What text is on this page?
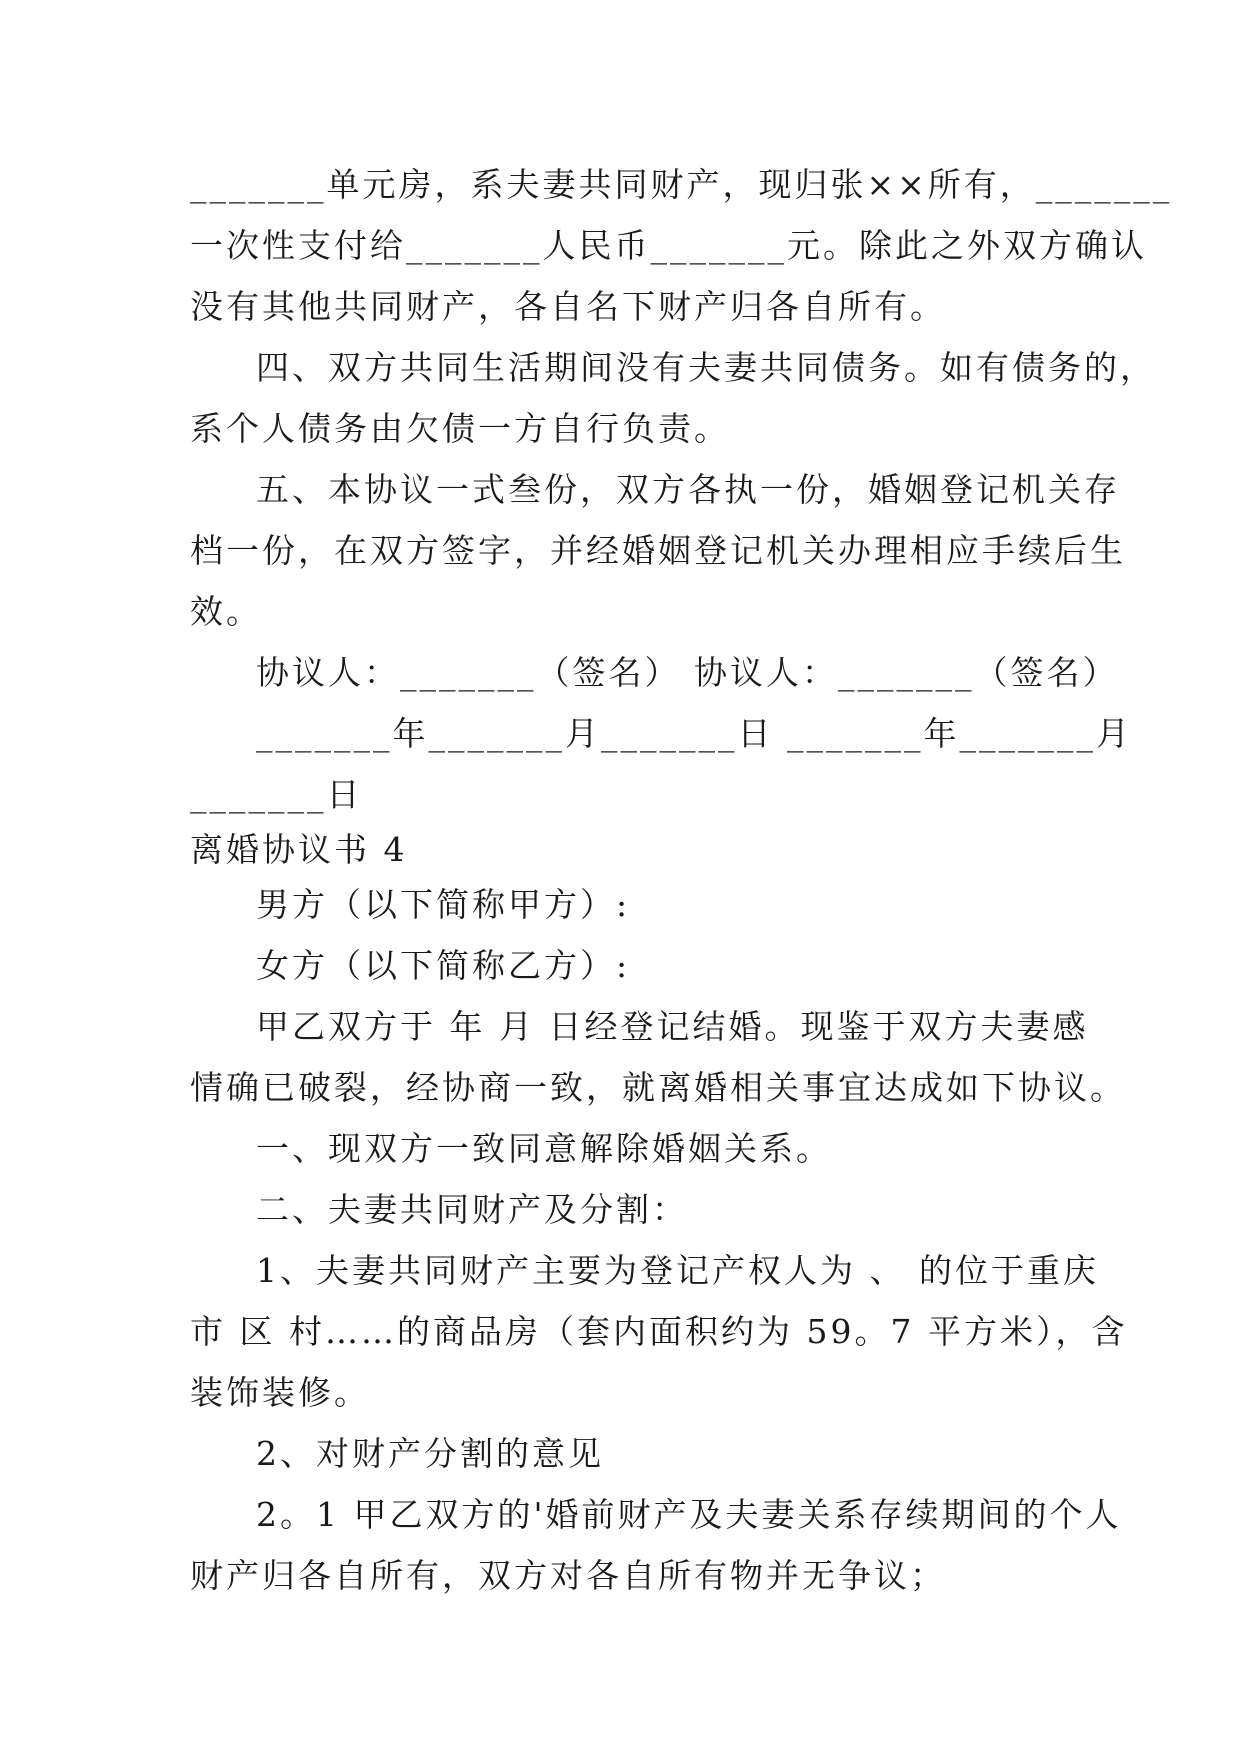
_______单元房，系夫妻共同财产，现归张××所有，_______
一次性支付给_______人民币_______元。除此之外双方确认
没有其他共同财产，各自名下财产归各自所有。
四、双方共同生活期间没有夫妻共同债务。如有债务的，
系个人债务由欠债一方自行负责。
五、本协议一式叁份，双方各执一份，婚姻登记机关存
档一份，在双方签字，并经婚姻登记机关办理相应手续后生
效。
协议人：_______（签名） 协议人：_______（签名）
_______年_______月_______日 _______年_______月
_______日
离婚协议书 4
男方（以下简称甲方）:
女方（以下简称乙方）:
甲乙双方于 年 月 日经登记结婚。现鉴于双方夫妻感
情确已破裂，经协商一致，就离婚相关事宜达成如下协议。
一、现双方一致同意解除婚姻关系。
二、夫妻共同财产及分割：
1、夫妻共同财产主要为登记产权人为 、 的位于重庆
市 区 村……的商品房（套内面积约为 59。7 平方米），含
装饰装修。
2、对财产分割的意见
2。1 甲乙双方的'婚前财产及夫妻关系存续期间的个人
财产归各自所有，双方对各自所有物并无争议；
